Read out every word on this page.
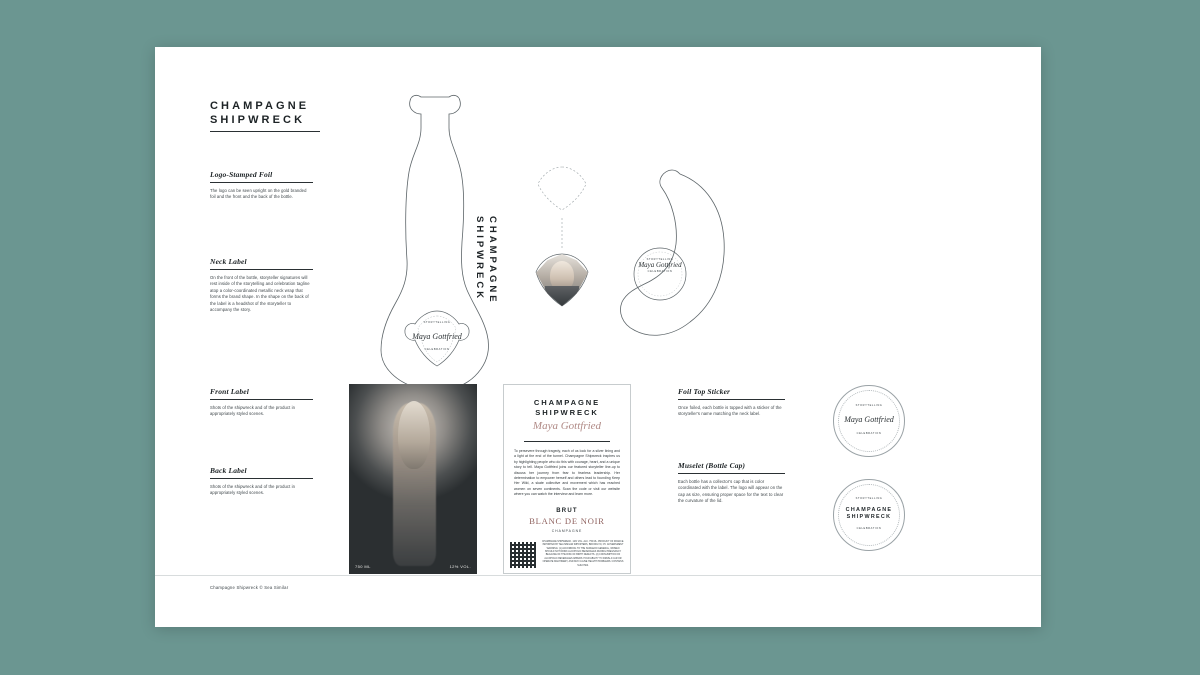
CHAMPAGNE
SHIPWRECK
Logo-Stamped Foil
The logo can be seen upright on the gold branded foil and the front and the back of the bottle.
Neck Label
On the front of the bottle, storyteller signatures will rest inside of the storytelling and celebration tagline atop a color-coordinated metallic neck wrap that forms the brand shape. In the shape on the back of the label is a headshot of the storyteller to accompany the story.
Front Label
Shots of the shipwreck and of the product in appropriately styled scenes.
Back Label
Shots of the shipwreck and of the product in appropriately styled scenes.
Foil Top Sticker
Once foiled, each bottle is topped with a sticker of the storyteller's name matching the neck label.
Muselet (Bottle Cap)
Each bottle has a collector's cap that is color coordinated with the label. The logo will appear on the cap as size, ensuring proper space for the text to clear the curvature of the lid.
CHAMPAGNE
SHIPWRECK
STORYTELLING
Maya Gottfried
CELEBRATION
STORYTELLING
Maya Gottfried
CELEBRATION
750 ML	12% VOL.
CHAMPAGNE
SHIPWRECK
Maya Gottfried
To persevere through tragedy, each of us look for a silver lining and a light at the end of the tunnel. Champagne Shipwreck inspires us by highlighting people who do this with courage, heart, and a unique story to tell. Maya Gottfried joins our featured storyteller line-up to discuss her journey from fear to fearless leadership. Her determination to empower herself and others lead to founding Keep Her Wild, a skate collective and movement which has reached women on seven continents. Scan the code or visit our website where you can watch the interview and learn more.
BRUT
BLANC DE NOIR
CHAMPAGNE
CHAMPAGNE SHIPWRECK. 12% VOL. ALC. 750 ML. PRODUCT OF FRANCE. IMPORTED BY SEA SIMILAR IMPORTERS, BROOKLYN, NY. GOVERNMENT WARNING: (1) ACCORDING TO THE SURGEON GENERAL, WOMEN SHOULD NOT DRINK ALCOHOLIC BEVERAGES DURING PREGNANCY BECAUSE OF THE RISK OF BIRTH DEFECTS. (2) CONSUMPTION OF ALCOHOLIC BEVERAGES IMPAIRS YOUR ABILITY TO DRIVE A CAR OR OPERATE MACHINERY, AND MAY CAUSE HEALTH PROBLEMS. CONTAINS SULFITES.
STORYTELLING
Maya Gottfried
CELEBRATION
STORYTELLING
CHAMPAGNE
SHIPWRECK
CELEBRATION
Champagne Shipwreck © Sea Similar
